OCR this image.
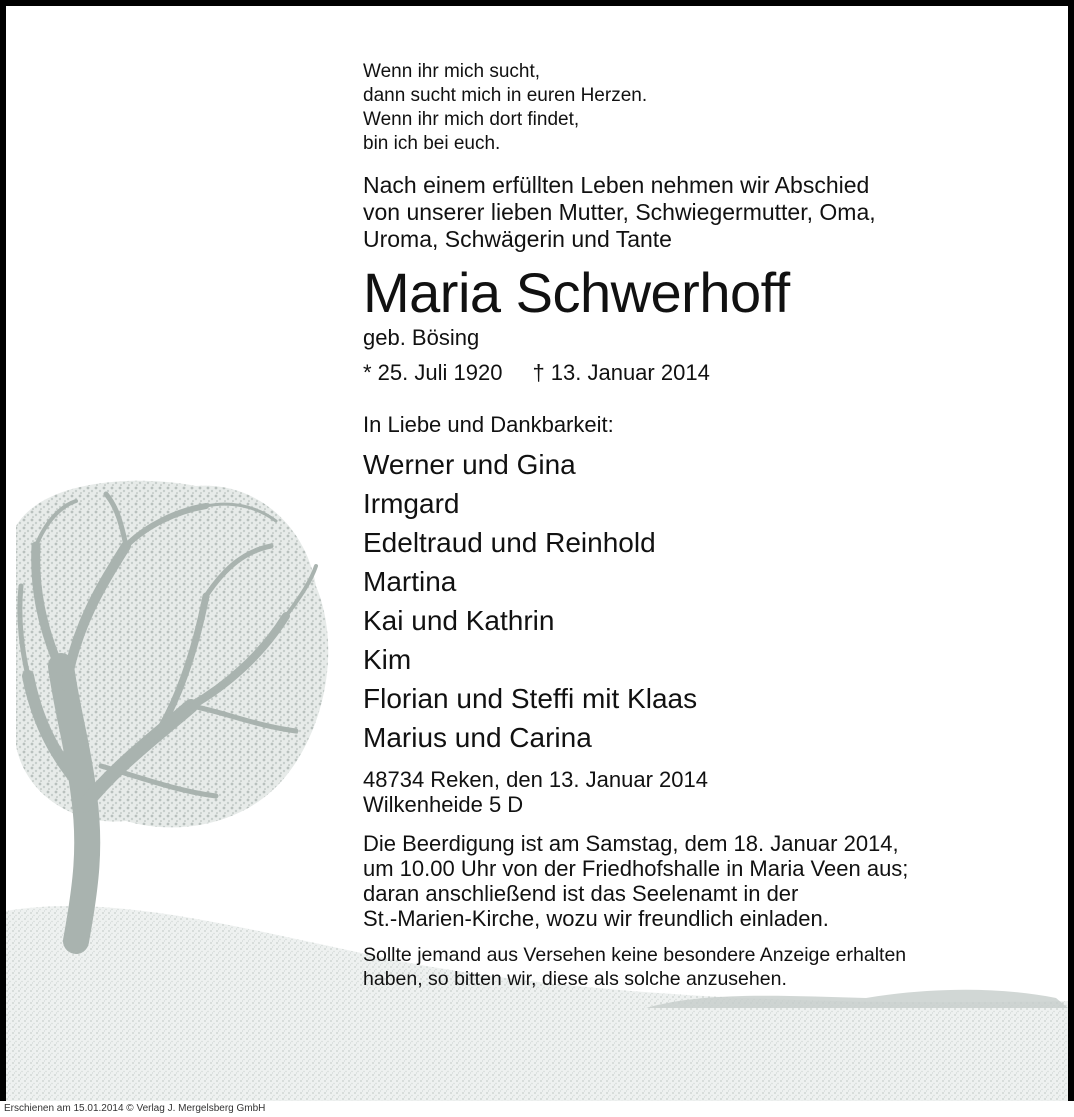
Wenn ihr mich sucht,
dann sucht mich in euren Herzen.
Wenn ihr mich dort findet,
bin ich bei euch.
Nach einem erfüllten Leben nehmen wir Abschied
von unserer lieben Mutter, Schwiegermutter, Oma,
Uroma, Schwägerin und Tante
Maria Schwerhoff
geb. Bösing
* 25. Juli 1920 † 13. Januar 2014
In Liebe und Dankbarkeit:
Werner und Gina
Irmgard
Edeltraud und Reinhold
Martina
Kai und Kathrin
Kim
Florian und Steffi mit Klaas
Marius und Carina
48734 Reken, den 13. Januar 2014
Wilkenheide 5 D
Die Beerdigung ist am Samstag, dem 18. Januar 2014,
um 10.00 Uhr von der Friedhofshalle in Maria Veen aus;
daran anschließend ist das Seelenamt in der
St.-Marien-Kirche, wozu wir freundlich einladen.
Sollte jemand aus Versehen keine besondere Anzeige erhalten
haben, so bitten wir, diese als solche anzusehen.
Erschienen am 15.01.2014 © Verlag J. Mergelsberg GmbH
